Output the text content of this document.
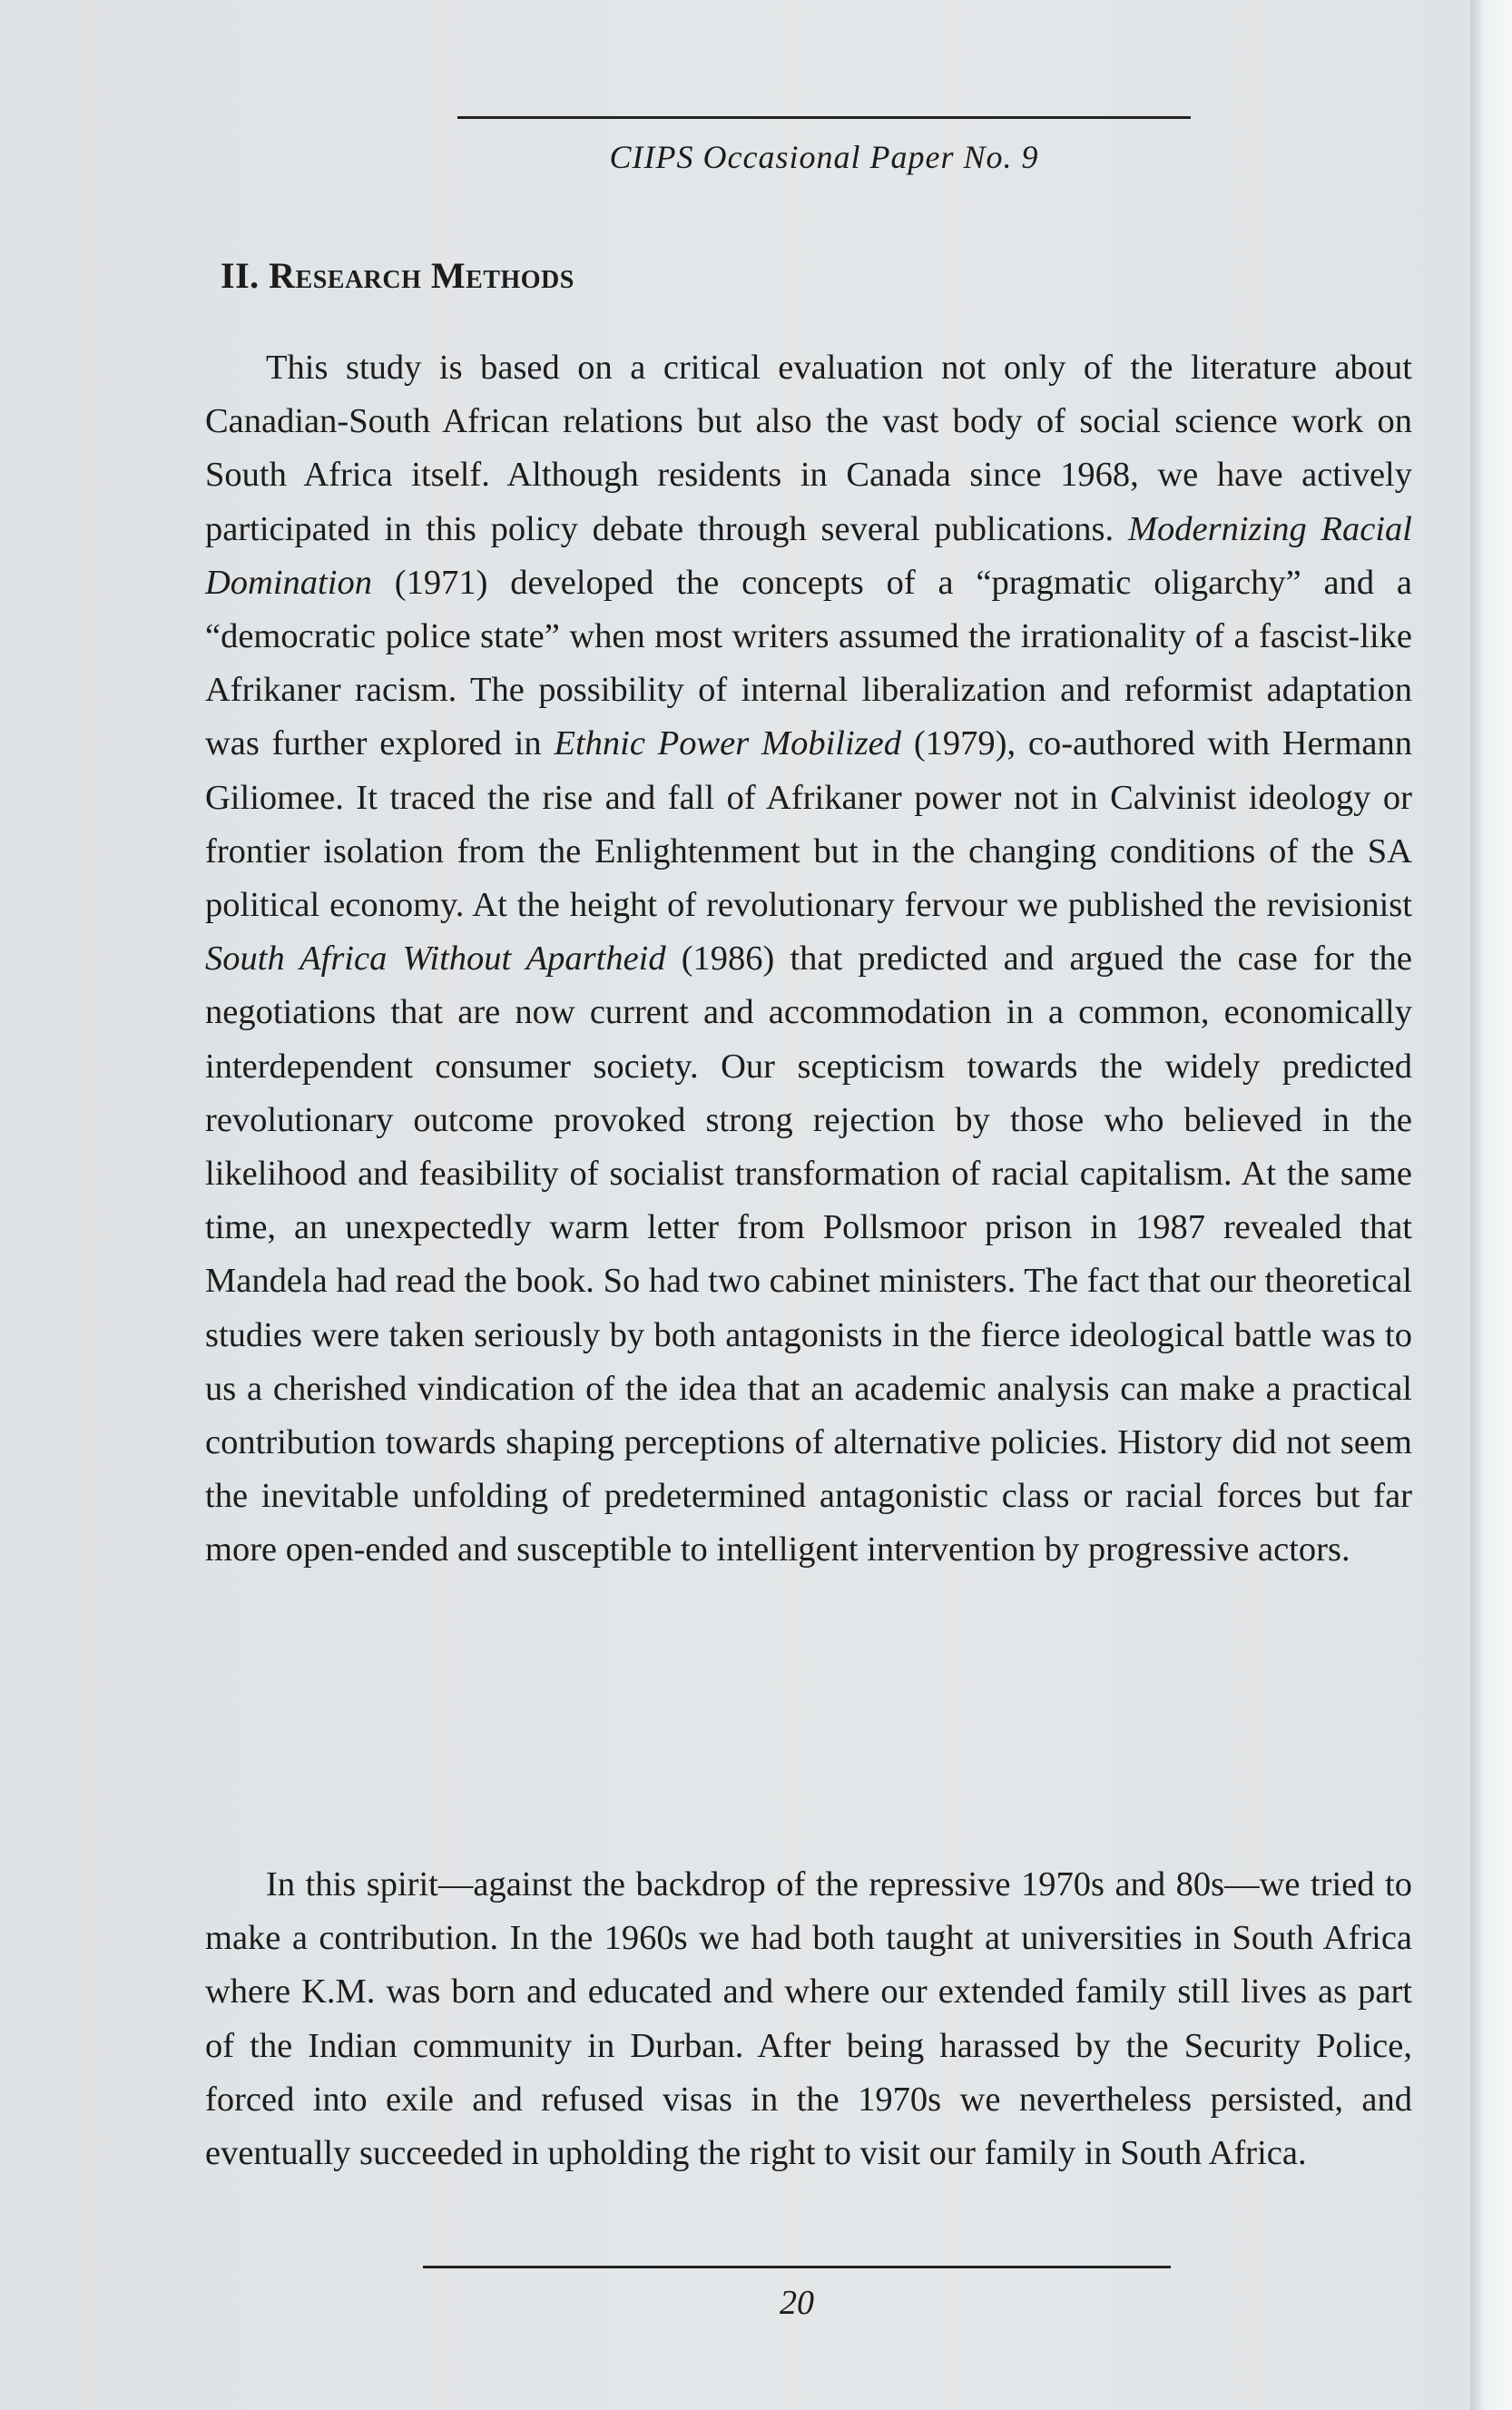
CIIPS Occasional Paper No. 9
II. Research Methods

This study is based on a critical evaluation not only of the literature about Canadian-South African relations but also the vast body of social science work on South Africa itself. Although residents in Canada since 1968, we have actively participated in this policy debate through several publications. Modernizing Racial Domination (1971) developed the concepts of a “pragmatic oligarchy” and a “democratic police state” when most writers assumed the irrationality of a fascist-like Afrikaner racism. The possibility of internal liberalization and reformist adaptation was further explored in Ethnic Power Mobilized (1979), co-authored with Hermann Giliomee. It traced the rise and fall of Afrikaner power not in Calvinist ideology or frontier isolation from the Enlightenment but in the changing conditions of the SA political economy. At the height of revolutionary fervour we published the revisionist South Africa Without Apartheid (1986) that predicted and argued the case for the negotiations that are now current and accommodation in a common, economically interdependent consumer society. Our scepticism towards the widely predicted revolutionary outcome provoked strong rejection by those who believed in the likelihood and feasibility of socialist transformation of racial capitalism. At the same time, an unexpectedly warm letter from Pollsmoor prison in 1987 revealed that Mandela had read the book. So had two cabinet ministers. The fact that our theoretical studies were taken seriously by both antagonists in the fierce ideological battle was to us a cherished vindication of the idea that an academic analysis can make a practical contribution towards shaping perceptions of alternative policies. History did not seem the inevitable unfolding of predetermined antagonistic class or racial forces but far more open-ended and susceptible to intelligent intervention by progressive actors.

In this spirit—against the backdrop of the repressive 1970s and 80s—we tried to make a contribution. In the 1960s we had both taught at universities in South Africa where K.M. was born and educated and where our extended family still lives as part of the Indian community in Durban. After being harassed by the Security Police, forced into exile and refused visas in the 1970s we nevertheless persisted, and eventually succeeded in upholding the right to visit our family in South Africa.

20
